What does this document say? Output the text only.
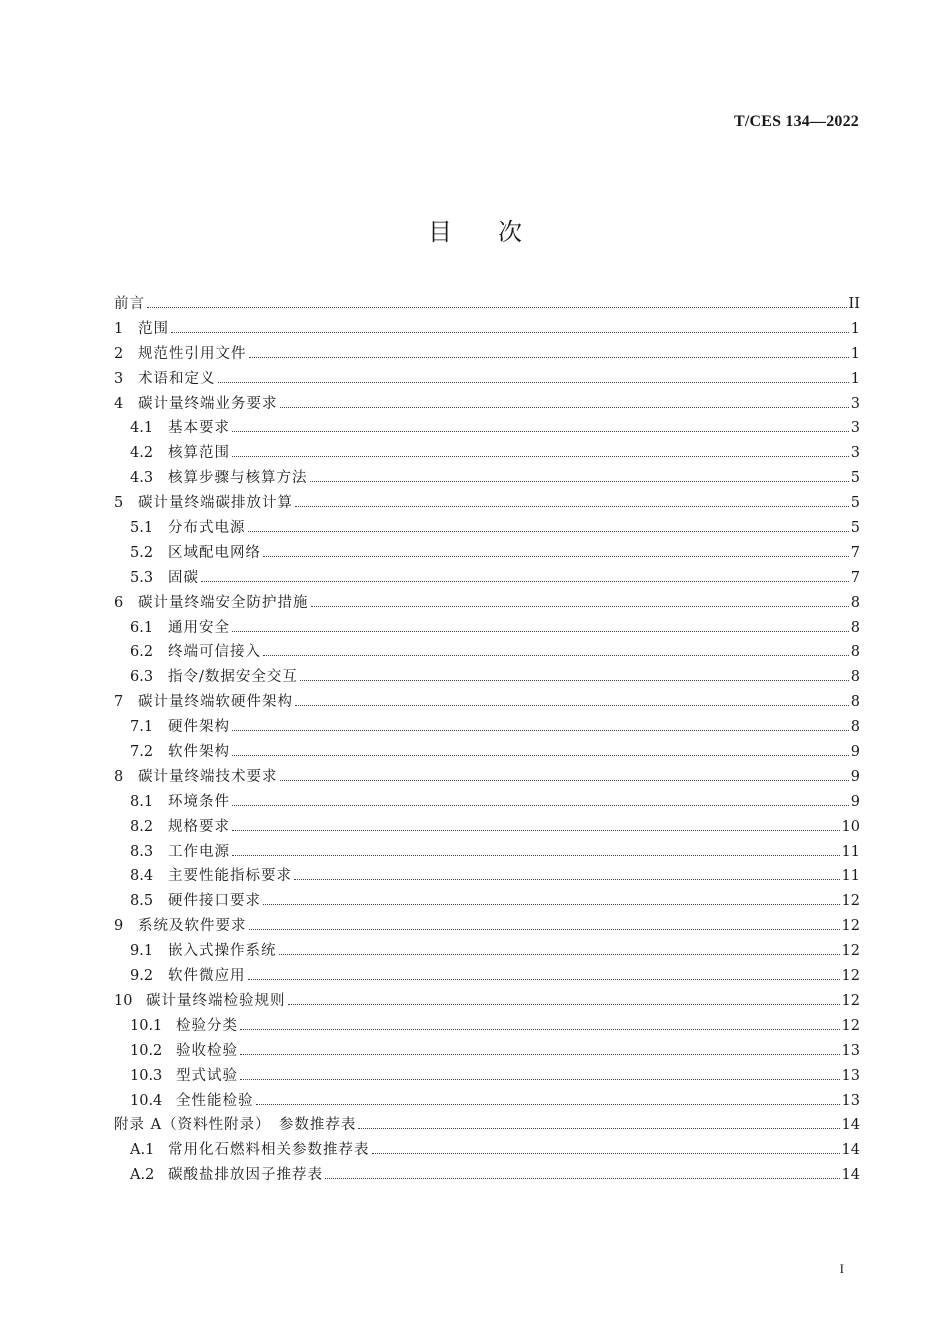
T/CES 134—2022
目次
前言	II
1	范围	1
2	规范性引用文件	1
3	术语和定义	1
4	碳计量终端业务要求	3
4.1	基本要求	3
4.2	核算范围	3
4.3	核算步骤与核算方法	5
5	碳计量终端碳排放计算	5
5.1	分布式电源	5
5.2	区域配电网络	7
5.3	固碳	7
6	碳计量终端安全防护措施	8
6.1	通用安全	8
6.2	终端可信接入	8
6.3	指令/数据安全交互	8
7	碳计量终端软硬件架构	8
7.1	硬件架构	8
7.2	软件架构	9
8	碳计量终端技术要求	9
8.1	环境条件	9
8.2	规格要求	10
8.3	工作电源	11
8.4	主要性能指标要求	11
8.5	硬件接口要求	12
9	系统及软件要求	12
9.1	嵌入式操作系统	12
9.2	软件微应用	12
10 碳计量终端检验规则	12
10.1 检验分类	12
10.2 验收检验	13
10.3 型式试验	13
10.4 全性能检验	13
附录 A（资料性附录）　参数推荐表	14
A.1 常用化石燃料相关参数推荐表	14
A.2 碳酸盐排放因子推荐表	14
I
